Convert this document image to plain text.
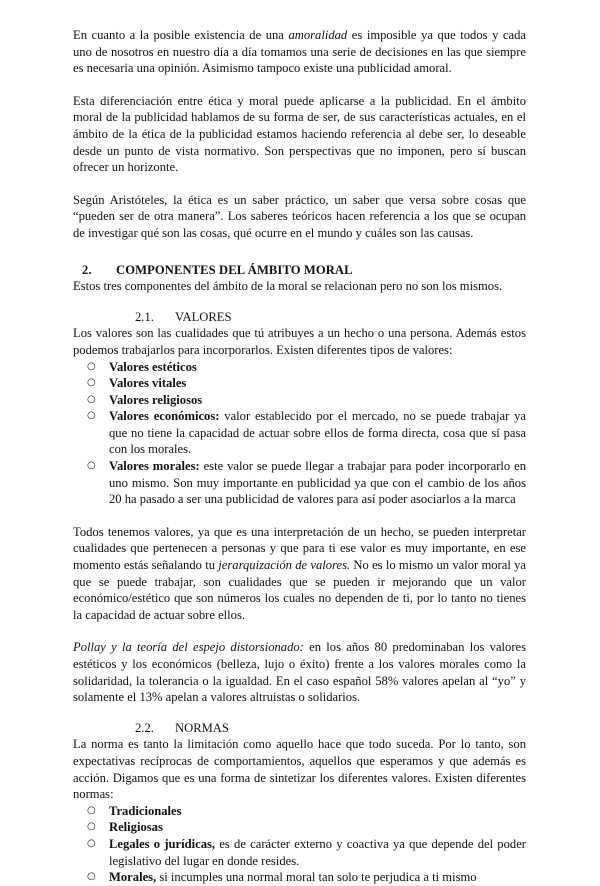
En cuanto a la posible existencia de una amoralidad es imposible ya que todos y cada uno de nosotros en nuestro día a día tomamos una serie de decisiones en las que siempre es necesaria una opinión. Asimismo tampoco existe una publicidad amoral.

Esta diferenciación entre ética y moral puede aplicarse a la publicidad. En el ámbito moral de la publicidad hablamos de su forma de ser, de sus características actuales, en el ámbito de la ética de la publicidad estamos haciendo referencia al debe ser, lo deseable desde un punto de vista normativo. Son perspectivas que no imponen, pero sí buscan ofrecer un horizonte.

Según Aristóteles, la ética es un saber práctico, un saber que versa sobre cosas que “pueden ser de otra manera”. Los saberes teóricos hacen referencia a los que se ocupan de investigar qué son las cosas, qué ocurre en el mundo y cuáles son las causas.

2.	COMPONENTES DEL ÁMBITO MORAL

Estos tres componentes del ámbito de la moral se relacionan pero no son los mismos.

2.1.	VALORES

Los valores son las cualidades que tú atribuyes a un hecho o una persona. Además estos podemos trabajarlos para incorporarlos. Existen diferentes tipos de valores:

○ Valores estéticos
○ Valores vitales
○ Valores religiosos
○ Valores económicos: valor establecido por el mercado, no se puede trabajar ya que no tiene la capacidad de actuar sobre ellos de forma directa, cosa que sí pasa con los morales.
○ Valores morales: este valor se puede llegar a trabajar para poder incorporarlo en uno mismo. Son muy importante en publicidad ya que con el cambio de los años 20 ha pasado a ser una publicidad de valores para así poder asociarlos a la marca

Todos tenemos valores, ya que es una interpretación de un hecho, se pueden interpretar cualidades que pertenecen a personas y que para ti ese valor es muy importante, en ese momento estás señalando tu jerarquización de valores. No es lo mismo un valor moral ya que se puede trabajar, son cualidades que se pueden ir mejorando que un valor económico/estético que son números los cuales no dependen de ti, por lo tanto no tienes la capacidad de actuar sobre ellos.

Pollay y la teoría del espejo distorsionado: en los años 80 predominaban los valores estéticos y los económicos (belleza, lujo o éxito) frente a los valores morales como la solidaridad, la tolerancia o la igualdad. En el caso español 58% valores apelan al “yo” y solamente el 13% apelan a valores altruistas o solidarios.

2.2.	NORMAS

La norma es tanto la limitación como aquello hace que todo suceda. Por lo tanto, son expectativas recíprocas de comportamientos, aquellos que esperamos y que además es acción. Digamos que es una forma de sintetizar los diferentes valores. Existen diferentes normas:

○ Tradicionales
○ Religiosas
○ Legales o jurídicas, es de carácter externo y coactiva ya que depende del poder legislativo del lugar en donde resides.
○ Morales, si incumples una normal moral tan solo te perjudica a ti mismo
